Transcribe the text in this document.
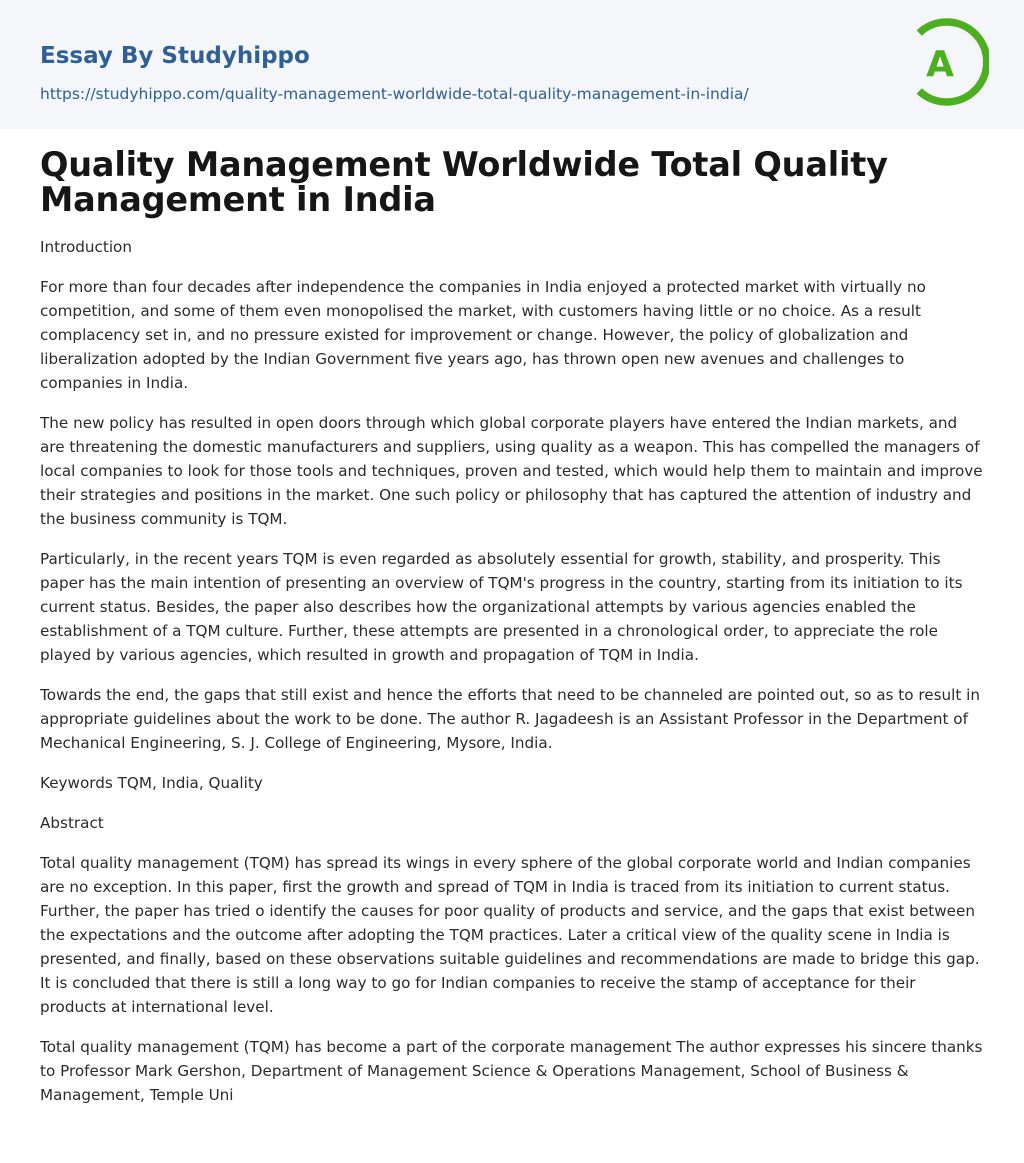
Essay By Studyhippo
https://studyhippo.com/quality-management-worldwide-total-quality-management-in-india/
A
Quality Management Worldwide Total Quality Management in India

Introduction

For more than four decades after independence the companies in India enjoyed a protected market with virtually no competition, and some of them even monopolised the market, with customers having little or no choice. As a result complacency set in, and no pressure existed for improvement or change. However, the policy of globalization and liberalization adopted by the Indian Government five years ago, has thrown open new avenues and challenges to companies in India.

The new policy has resulted in open doors through which global corporate players have entered the Indian markets, and are threatening the domestic manufacturers and suppliers, using quality as a weapon. This has compelled the managers of local companies to look for those tools and techniques, proven and tested, which would help them to maintain and improve their strategies and positions in the market. One such policy or philosophy that has captured the attention of industry and the business community is TQM.

Particularly, in the recent years TQM is even regarded as absolutely essential for growth, stability, and prosperity. This paper has the main intention of presenting an overview of TQM's progress in the country, starting from its initiation to its current status. Besides, the paper also describes how the organizational attempts by various agencies enabled the establishment of a TQM culture. Further, these attempts are presented in a chronological order, to appreciate the role played by various agencies, which resulted in growth and propagation of TQM in India.

Towards the end, the gaps that still exist and hence the efforts that need to be channeled are pointed out, so as to result in appropriate guidelines about the work to be done. The author R. Jagadeesh is an Assistant Professor in the Department of Mechanical Engineering, S. J. College of Engineering, Mysore, India.

Keywords TQM, India, Quality

Abstract

Total quality management (TQM) has spread its wings in every sphere of the global corporate world and Indian companies are no exception. In this paper, first the growth and spread of TQM in India is traced from its initiation to current status. Further, the paper has tried o identify the causes for poor quality of products and service, and the gaps that exist between the expectations and the outcome after adopting the TQM practices. Later a critical view of the quality scene in India is presented, and finally, based on these observations suitable guidelines and recommendations are made to bridge this gap. It is concluded that there is still a long way to go for Indian companies to receive the stamp of acceptance for their products at international level.

Total quality management (TQM) has become a part of the corporate management The author expresses his sincere thanks to Professor Mark Gershon, Department of Management Science & Operations Management, School of Business & Management, Temple Uni
